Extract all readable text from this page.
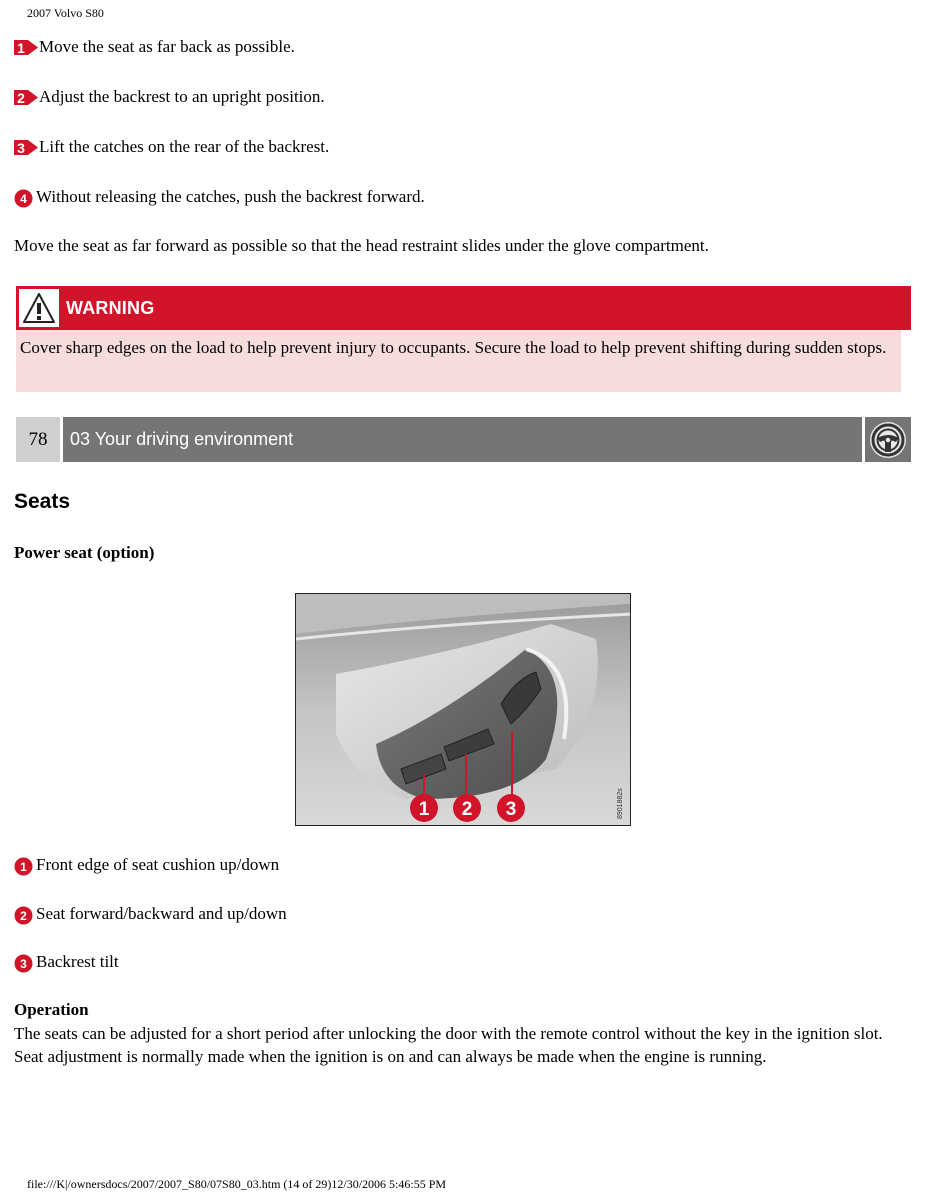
2007 Volvo S80
1 Move the seat as far back as possible.
2 Adjust the backrest to an upright position.
3 Lift the catches on the rear of the backrest.
4 Without releasing the catches, push the backrest forward.
Move the seat as far forward as possible so that the head restraint slides under the glove compartment.
WARNING
Cover sharp edges on the load to help prevent injury to occupants. Secure the load to help prevent shifting during sudden stops.
78	03 Your driving environment
Seats
Power seat (option)
1 2 3	8901882s
1 Front edge of seat cushion up/down
2 Seat forward/backward and up/down
3 Backrest tilt
Operation
The seats can be adjusted for a short period after unlocking the door with the remote control without the key in the ignition slot. Seat adjustment is normally made when the ignition is on and can always be made when the engine is running.
file:///K|/ownersdocs/2007/2007_S80/07S80_03.htm (14 of 29)12/30/2006 5:46:55 PM
